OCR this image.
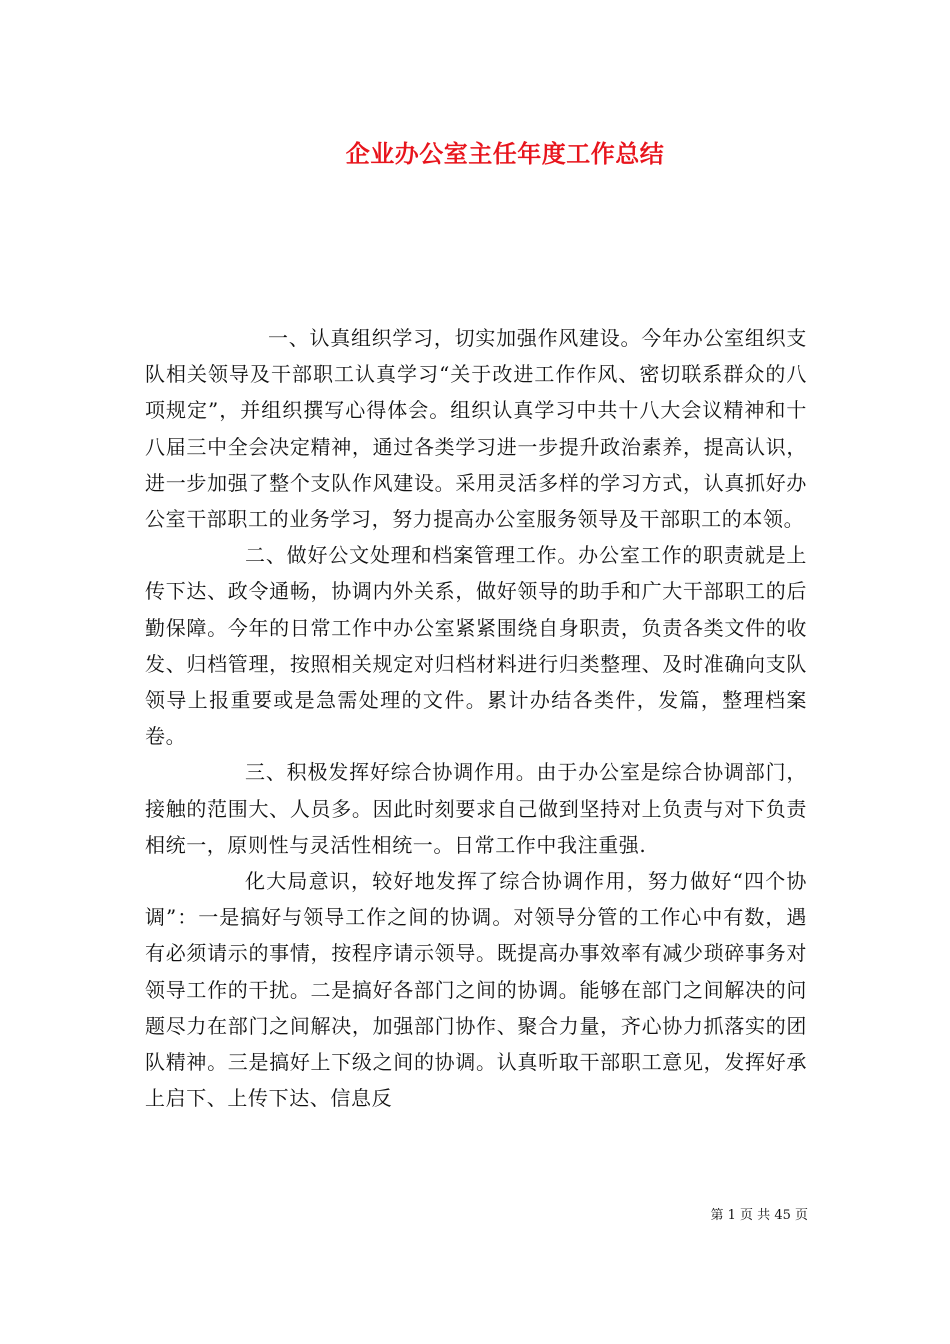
企业办公室主任年度工作总结

一、认真组织学习，切实加强作风建设。今年办公室组织支队相关领导及干部职工认真学习“关于改进工作作风、密切联系群众的八项规定”，并组织撰写心得体会。组织认真学习中共十八大会议精神和十八届三中全会决定精神，通过各类学习进一步提升政治素养，提高认识，进一步加强了整个支队作风建设。采用灵活多样的学习方式，认真抓好办公室干部职工的业务学习，努力提高办公室服务领导及干部职工的本领。

二、做好公文处理和档案管理工作。办公室工作的职责就是上传下达、政令通畅，协调内外关系，做好领导的助手和广大干部职工的后勤保障。今年的日常工作中办公室紧紧围绕自身职责，负责各类文件的收发、归档管理，按照相关规定对归档材料进行归类整理、及时准确向支队领导上报重要或是急需处理的文件。累计办结各类件，发篇，整理档案卷。

三、积极发挥好综合协调作用。由于办公室是综合协调部门，接触的范围大、人员多。因此时刻要求自己做到坚持对上负责与对下负责相统一，原则性与灵活性相统一。日常工作中我注重强.

化大局意识，较好地发挥了综合协调作用，努力做好“四个协调”：一是搞好与领导工作之间的协调。对领导分管的工作心中有数，遇有必须请示的事情，按程序请示领导。既提高办事效率有减少琐碎事务对领导工作的干扰。二是搞好各部门之间的协调。能够在部门之间解决的问题尽力在部门之间解决，加强部门协作、聚合力量，齐心协力抓落实的团队精神。三是搞好上下级之间的协调。认真听取干部职工意见，发挥好承上启下、上传下达、信息反

第 1 页 共 45 页
